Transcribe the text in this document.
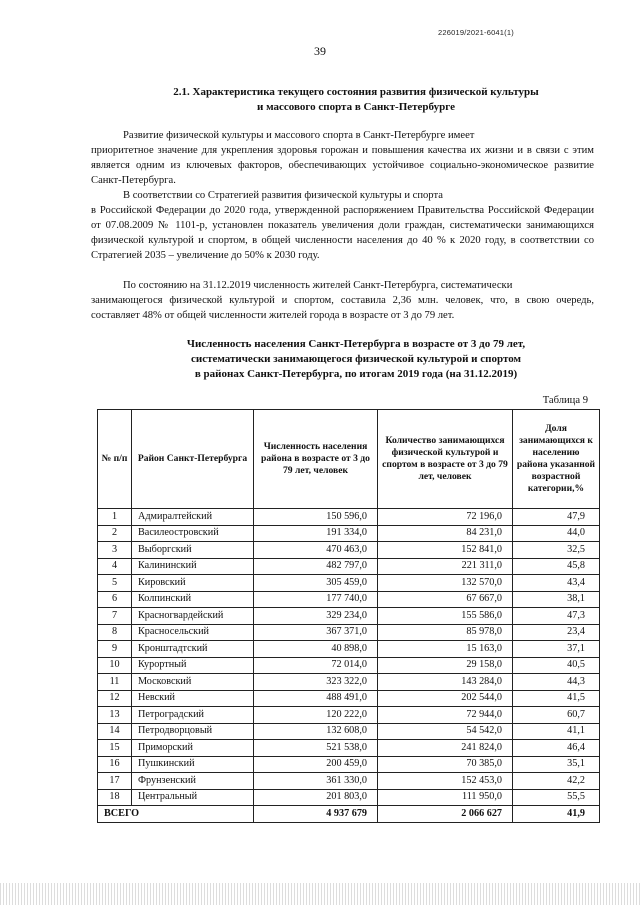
226019/2021-6041(1)
39
2.1. Характеристика текущего состояния развития физической культуры
и массового спорта в Санкт-Петербурге
Развитие физической культуры и массового спорта в Санкт-Петербурге имеет
приоритетное значение для укрепления здоровья горожан и повышения качества их жизни и в связи с этим является одним из ключевых факторов, обеспечивающих устойчивое социально-экономическое развитие Санкт-Петербурга.
В соответствии со Стратегией развития физической культуры и спорта
в Российской Федерации до 2020 года, утвержденной распоряжением Правительства Российской Федерации от 07.08.2009 № 1101-р, установлен показатель увеличения доли граждан, систематически занимающихся физической культурой и спортом, в общей численности населения до 40 % к 2020 году, в соответствии со Стратегией 2035 – увеличение до 50% к 2030 году.
По состоянию на 31.12.2019 численность жителей Санкт-Петербурга, систематически
занимающегося физической культурой и спортом, составила 2,36 млн. человек, что, в свою очередь, составляет 48% от общей численности жителей города в возрасте от 3 до 79 лет.
Численность населения Санкт-Петербурга в возрасте от 3 до 79 лет,
систематически занимающегося физической культурой и спортом
в районах Санкт-Петербурга, по итогам 2019 года (на 31.12.2019)
Таблица 9
№ п/п	Район Санкт-Петербурга	Численность населения района в возрасте от 3 до 79 лет, человек	Количество занимающихся физической культурой и спортом в возрасте от 3 до 79 лет, человек	Доля занимающихся к населению района указанной возрастной категории,%
1	Адмиралтейский	150 596,0	72 196,0	47,9
2	Василеостровский	191 334,0	84 231,0	44,0
3	Выборгский	470 463,0	152 841,0	32,5
4	Калининский	482 797,0	221 311,0	45,8
5	Кировский	305 459,0	132 570,0	43,4
6	Колпинский	177 740,0	67 667,0	38,1
7	Красногвардейский	329 234,0	155 586,0	47,3
8	Красносельский	367 371,0	85 978,0	23,4
9	Кронштадтский	40 898,0	15 163,0	37,1
10	Курортный	72 014,0	29 158,0	40,5
11	Московский	323 322,0	143 284,0	44,3
12	Невский	488 491,0	202 544,0	41,5
13	Петроградский	120 222,0	72 944,0	60,7
14	Петродворцовый	132 608,0	54 542,0	41,1
15	Приморский	521 538,0	241 824,0	46,4
16	Пушкинский	200 459,0	70 385,0	35,1
17	Фрунзенский	361 330,0	152 453,0	42,2
18	Центральный	201 803,0	111 950,0	55,5
ВСЕГО		4 937 679	2 066 627	41,9
